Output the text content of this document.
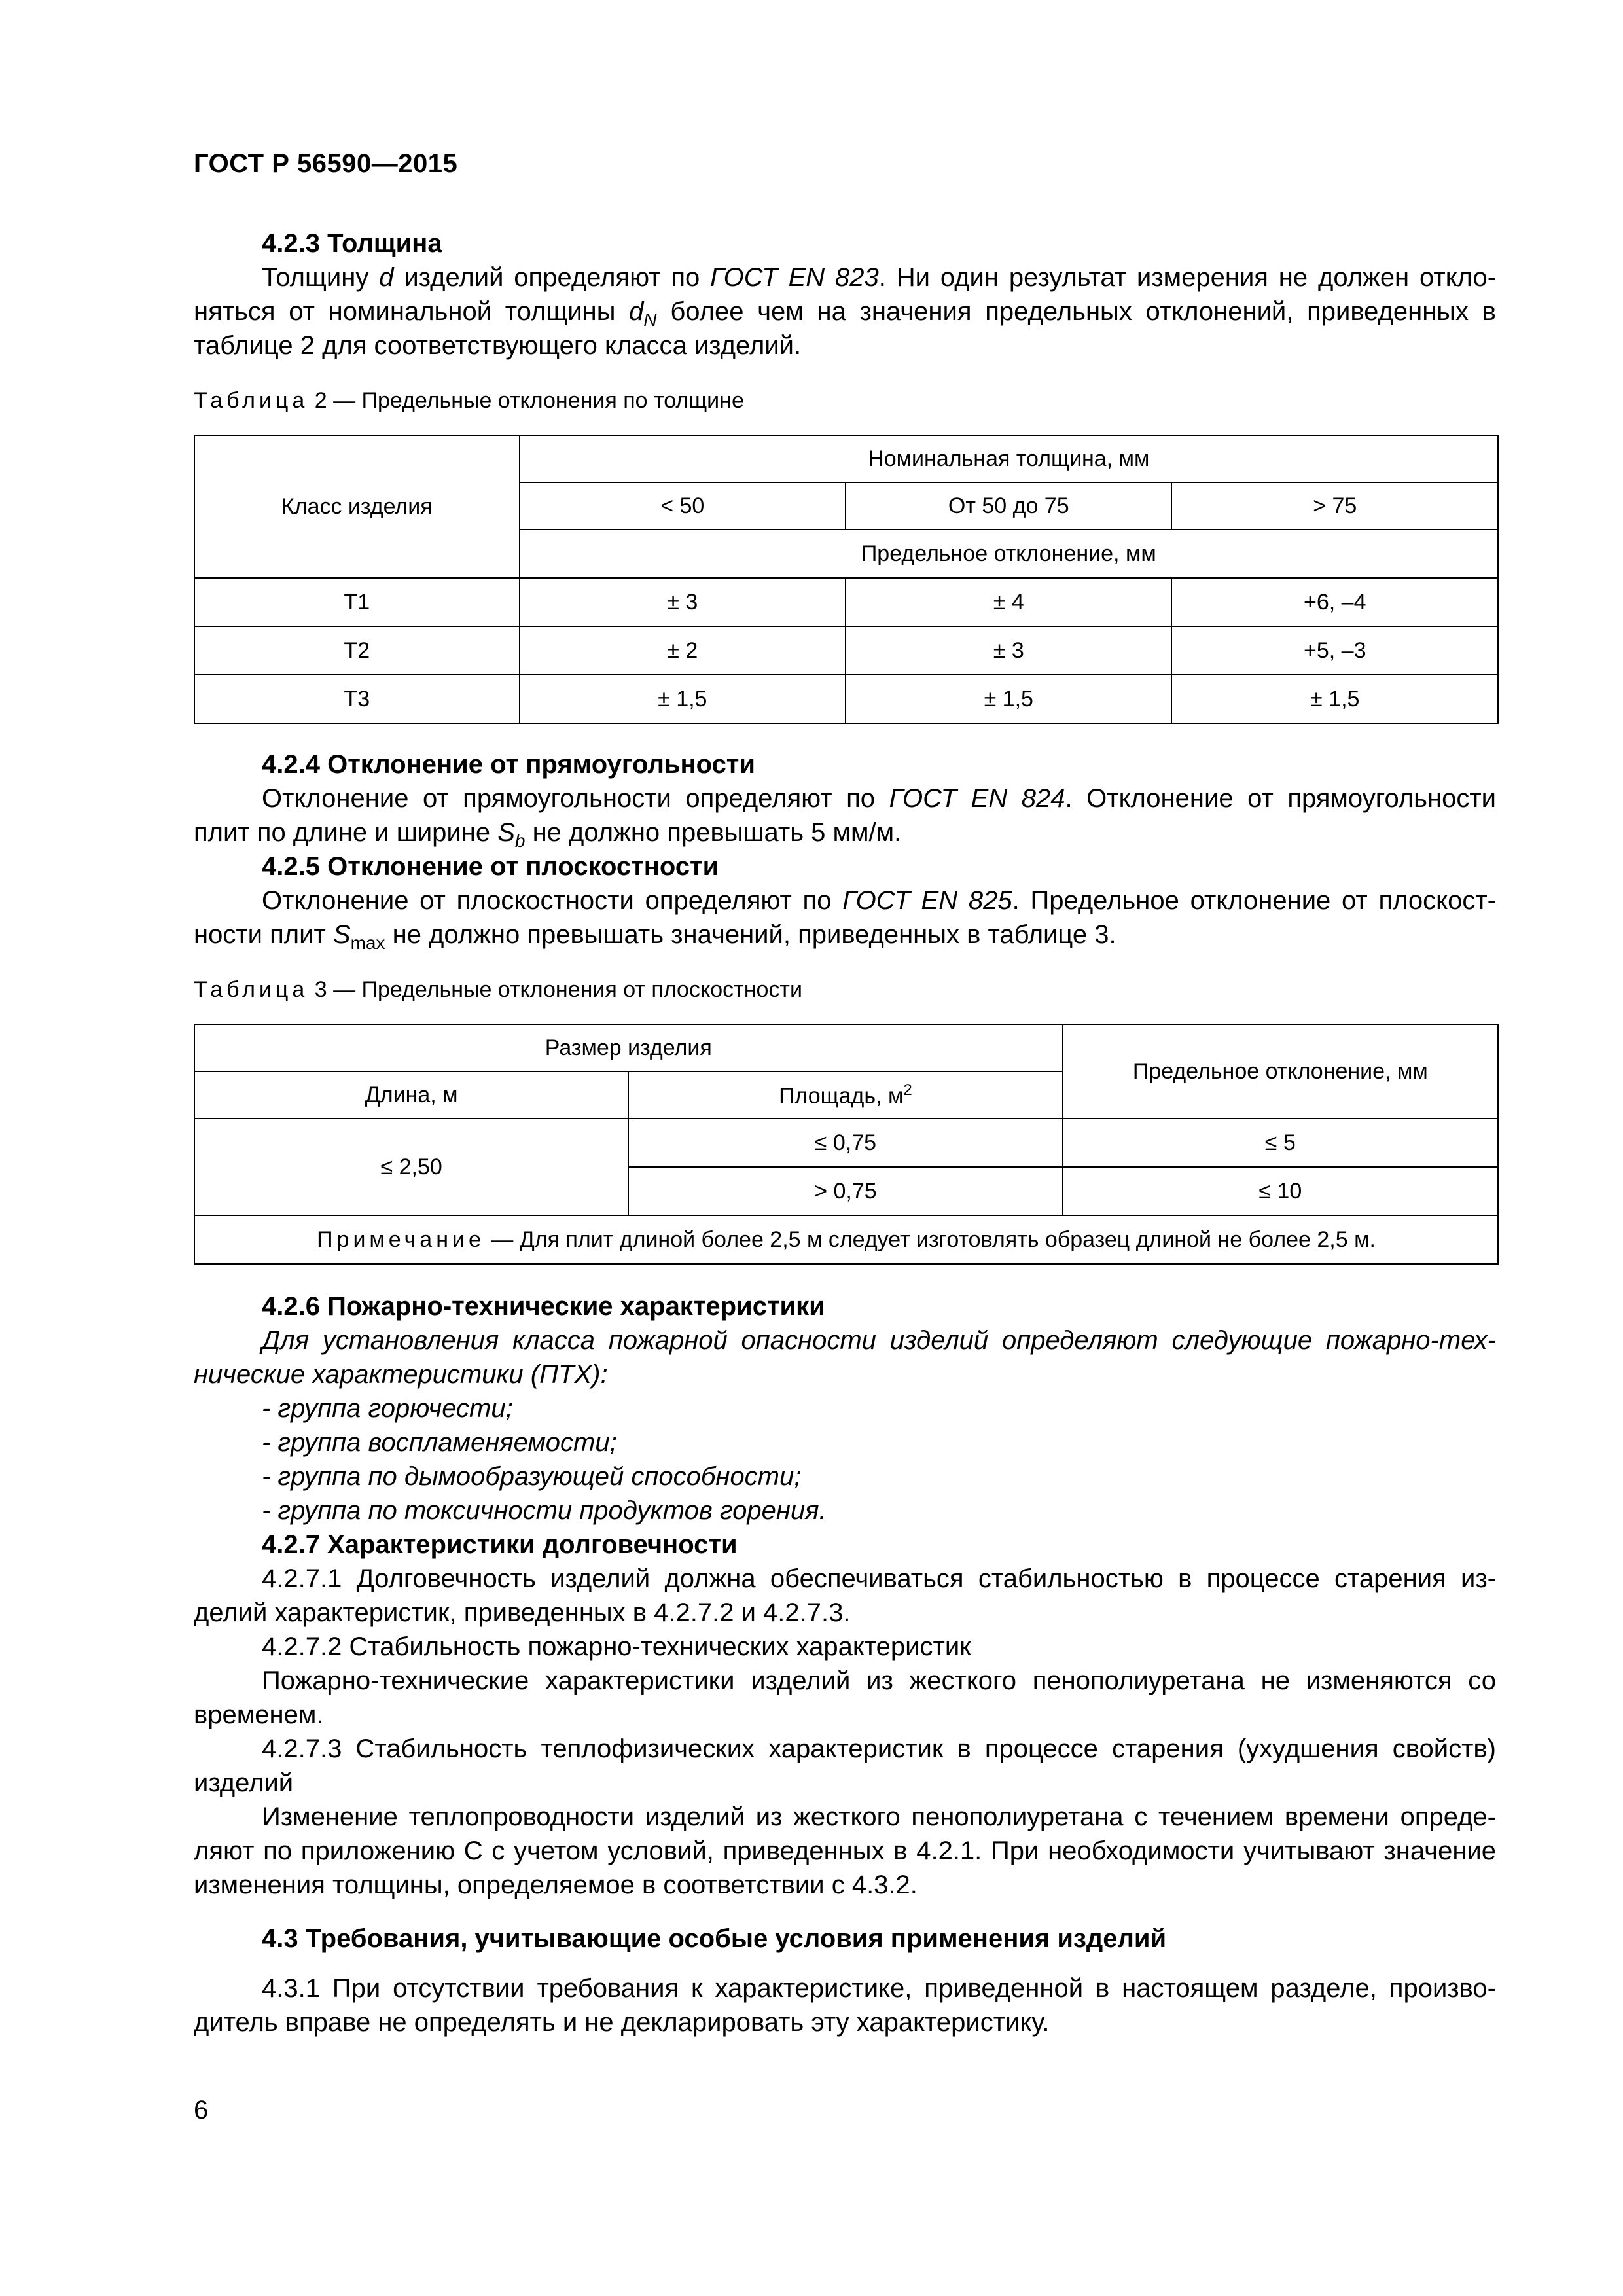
ГОСТ Р 56590—2015
4.2.3 Толщина
Толщину d изделий определяют по ГОСТ EN 823. Ни один результат измерения не должен откло-
няться от номинальной толщины $d_N$ более чем на значения предельных отклонений, приведенных в
таблице 2 для соответствующего класса изделий.
Таблица 2 — Предельные отклонения по толщине
Класс изделия	Номинальная толщина, мм		
	< 50	От 50 до 75	> 75
	Предельное отклонение, мм		
Т1	± 3	± 4	+6, –4
Т2	± 2	± 3	+5, –3
Т3	± 1,5	± 1,5	± 1,5
4.2.4 Отклонение от прямоугольности
Отклонение от прямоугольности определяют по ГОСТ EN 824. Отклонение от прямоугольности
плит по длине и ширине $S_b$ не должно превышать 5 мм/м.
4.2.5 Отклонение от плоскостности
Отклонение от плоскостности определяют по ГОСТ EN 825. Предельное отклонение от плоскост-
ности плит $S_{max}$ не должно превышать значений, приведенных в таблице 3.
Таблица 3 — Предельные отклонения от плоскостности
Размер изделия		Предельное отклонение, мм
Длина, м	Площадь, $м^2$
≤ 2,50	≤ 0,75	≤ 5
	> 0,75	≤ 10
Примечание — Для плит длиной более 2,5 м следует изготовлять образец длиной не более 2,5 м.		
4.2.6 Пожарно-технические характеристики
Для установления класса пожарной опасности изделий определяют следующие пожарно-тех-
нические характеристики (ПТХ):
- группа горючести;
- группа воспламеняемости;
- группа по дымообразующей способности;
- группа по токсичности продуктов горения.
4.2.7 Характеристики долговечности
4.2.7.1 Долговечность изделий должна обеспечиваться стабильностью в процессе старения из-
делий характеристик, приведенных в 4.2.7.2 и 4.2.7.3.
4.2.7.2 Стабильность пожарно-технических характеристик
Пожарно-технические характеристики изделий из жесткого пенополиуретана не изменяются со
временем.
4.2.7.3 Стабильность теплофизических характеристик в процессе старения (ухудшения свойств)
изделий
Изменение теплопроводности изделий из жесткого пенополиуретана с течением времени опреде-
ляют по приложению С с учетом условий, приведенных в 4.2.1. При необходимости учитывают значение
изменения толщины, определяемое в соответствии с 4.3.2.
4.3 Требования, учитывающие особые условия применения изделий
4.3.1 При отсутствии требования к характеристике, приведенной в настоящем разделе, произво-
дитель вправе не определять и не декларировать эту характеристику.
6
